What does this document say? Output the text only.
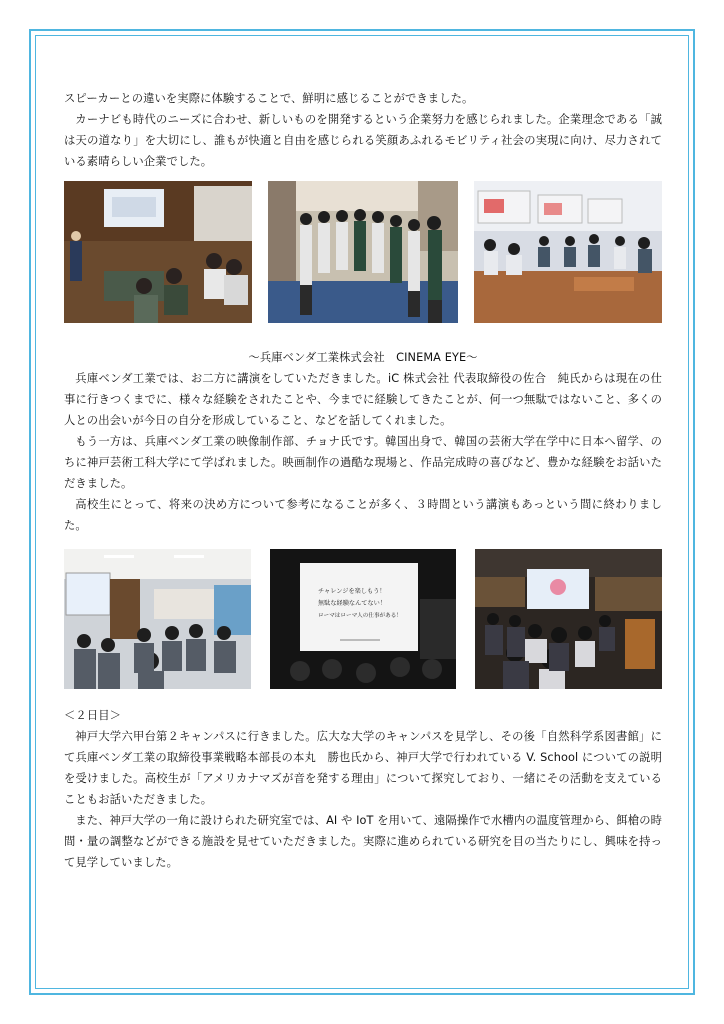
スピーカーとの違いを実際に体験することで、鮮明に感じることができました。

カーナビも時代のニーズに合わせ、新しいものを開発するという企業努力を感じられました。企業理念である「誠は天の道なり」を大切にし、誰もが快適と自由を感じられる笑顔あふれるモビリティ社会の実現に向け、尽力されている素晴らしい企業でした。

～兵庫ベンダ工業株式会社　CINEMA EYE～

兵庫ベンダ工業では、お二方に講演をしていただきました。iC 株式会社 代表取締役の佐合　純氏からは現在の仕事に行きつくまでに、様々な経験をされたことや、今までに経験してきたことが、何一つ無駄ではないこと、多くの人との出会いが今日の自分を形成していること、などを話してくれました。

もう一方は、兵庫ベンダ工業の映像制作部、チョナ氏です。韓国出身で、韓国の芸術大学在学中に日本へ留学、のちに神戸芸術工科大学にて学ばれました。映画制作の過酷な現場と、作品完成時の喜びなど、豊かな経験をお話いただきました。

高校生にとって、将来の決め方について参考になることが多く、３時間という講演もあっという間に終わりました。

チャレンジを楽しもう！
無駄な経験なんてない！
ローマはローマ人の仕事がある！

＜２日目＞

神戸大学六甲台第２キャンパスに行きました。広大な大学のキャンパスを見学し、その後「自然科学系図書館」にて兵庫ベンダ工業の取締役事業戦略本部長の本丸　勝也氏から、神戸大学で行われている V. School についての説明を受けました。高校生が「アメリカナマズが音を発する理由」について探究しており、一緒にその活動を支えていることもお話いただきました。

また、神戸大学の一角に設けられた研究室では、AI や IoT を用いて、遠隔操作で水槽内の温度管理から、餌槍の時間・量の調整などができる施設を見せていただきました。実際に進められている研究を目の当たりにし、興味を持って見学していました。
